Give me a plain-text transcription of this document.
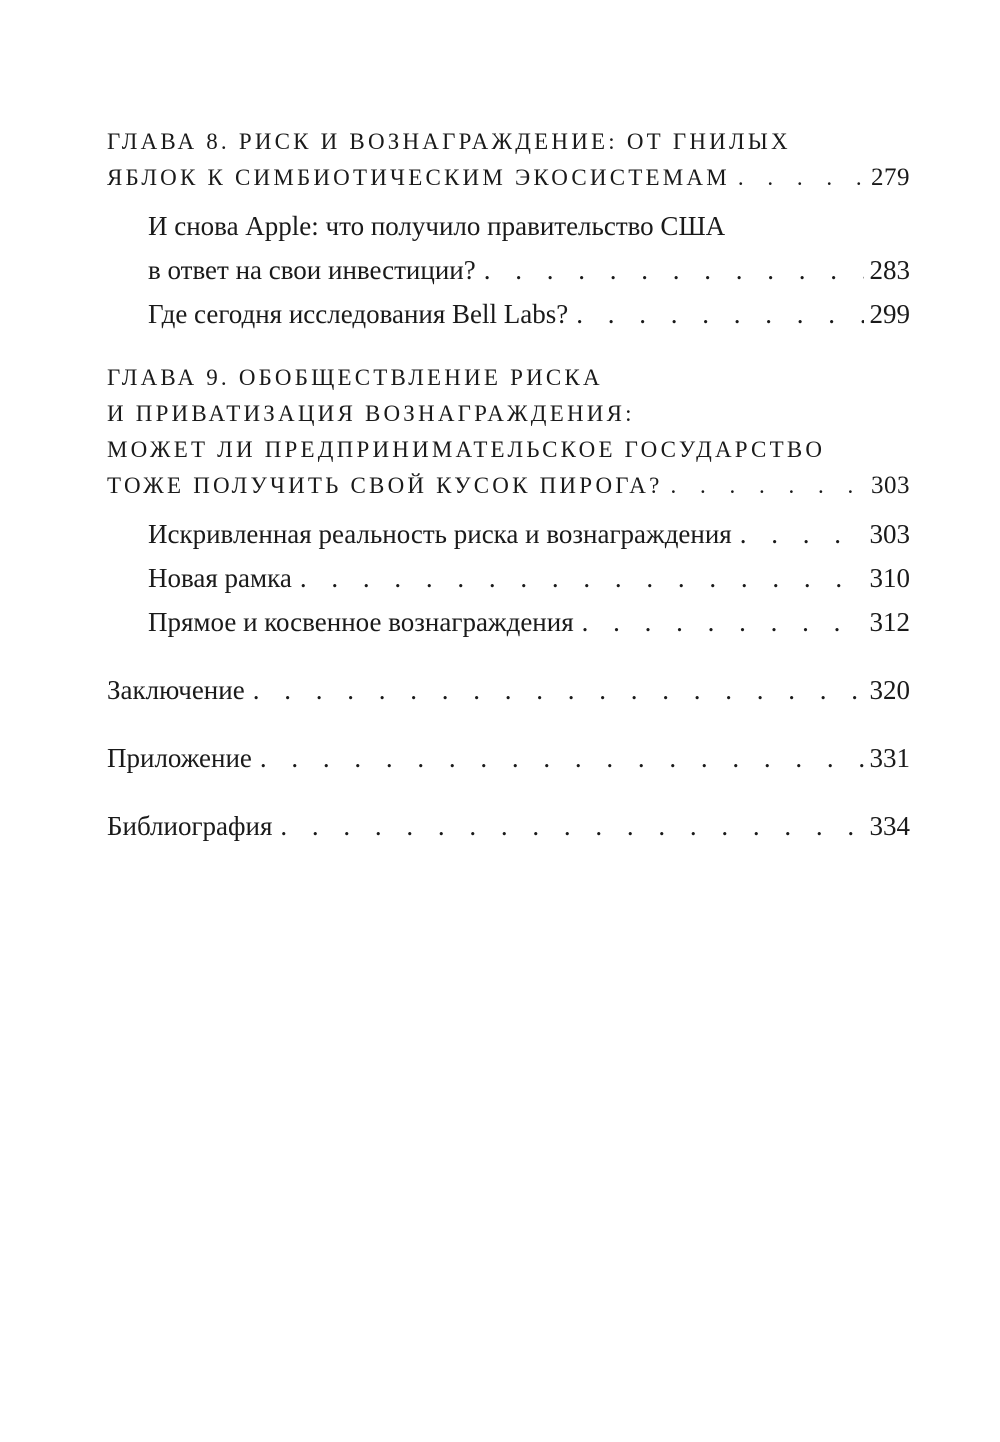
ГЛАВА 8. РИСК И ВОЗНАГРАЖДЕНИЕ: ОТ ГНИЛЫХ
ЯБЛОК К СИМБИОТИЧЕСКИМ ЭКОСИСТЕМАМ . . .	279
И снова Apple: что получило правительство США
в ответ на свои инвестиции? . . .	283
Где сегодня исследования Bell Labs? . . .	299
ГЛАВА 9. ОБОБЩЕСТВЛЕНИЕ РИСКА
И ПРИВАТИЗАЦИЯ ВОЗНАГРАЖДЕНИЯ:
МОЖЕТ ЛИ ПРЕДПРИНИМАТЕЛЬСКОЕ ГОСУДАРСТВО
ТОЖЕ ПОЛУЧИТЬ СВОЙ КУСОК ПИРОГА? . . .	303
Искривленная реальность риска и вознаграждения . . .	303
Новая рамка . . .	310
Прямое и косвенное вознаграждения . . .	312
Заключение . . .	320
Приложение . . .	331
Библиография . . .	334
